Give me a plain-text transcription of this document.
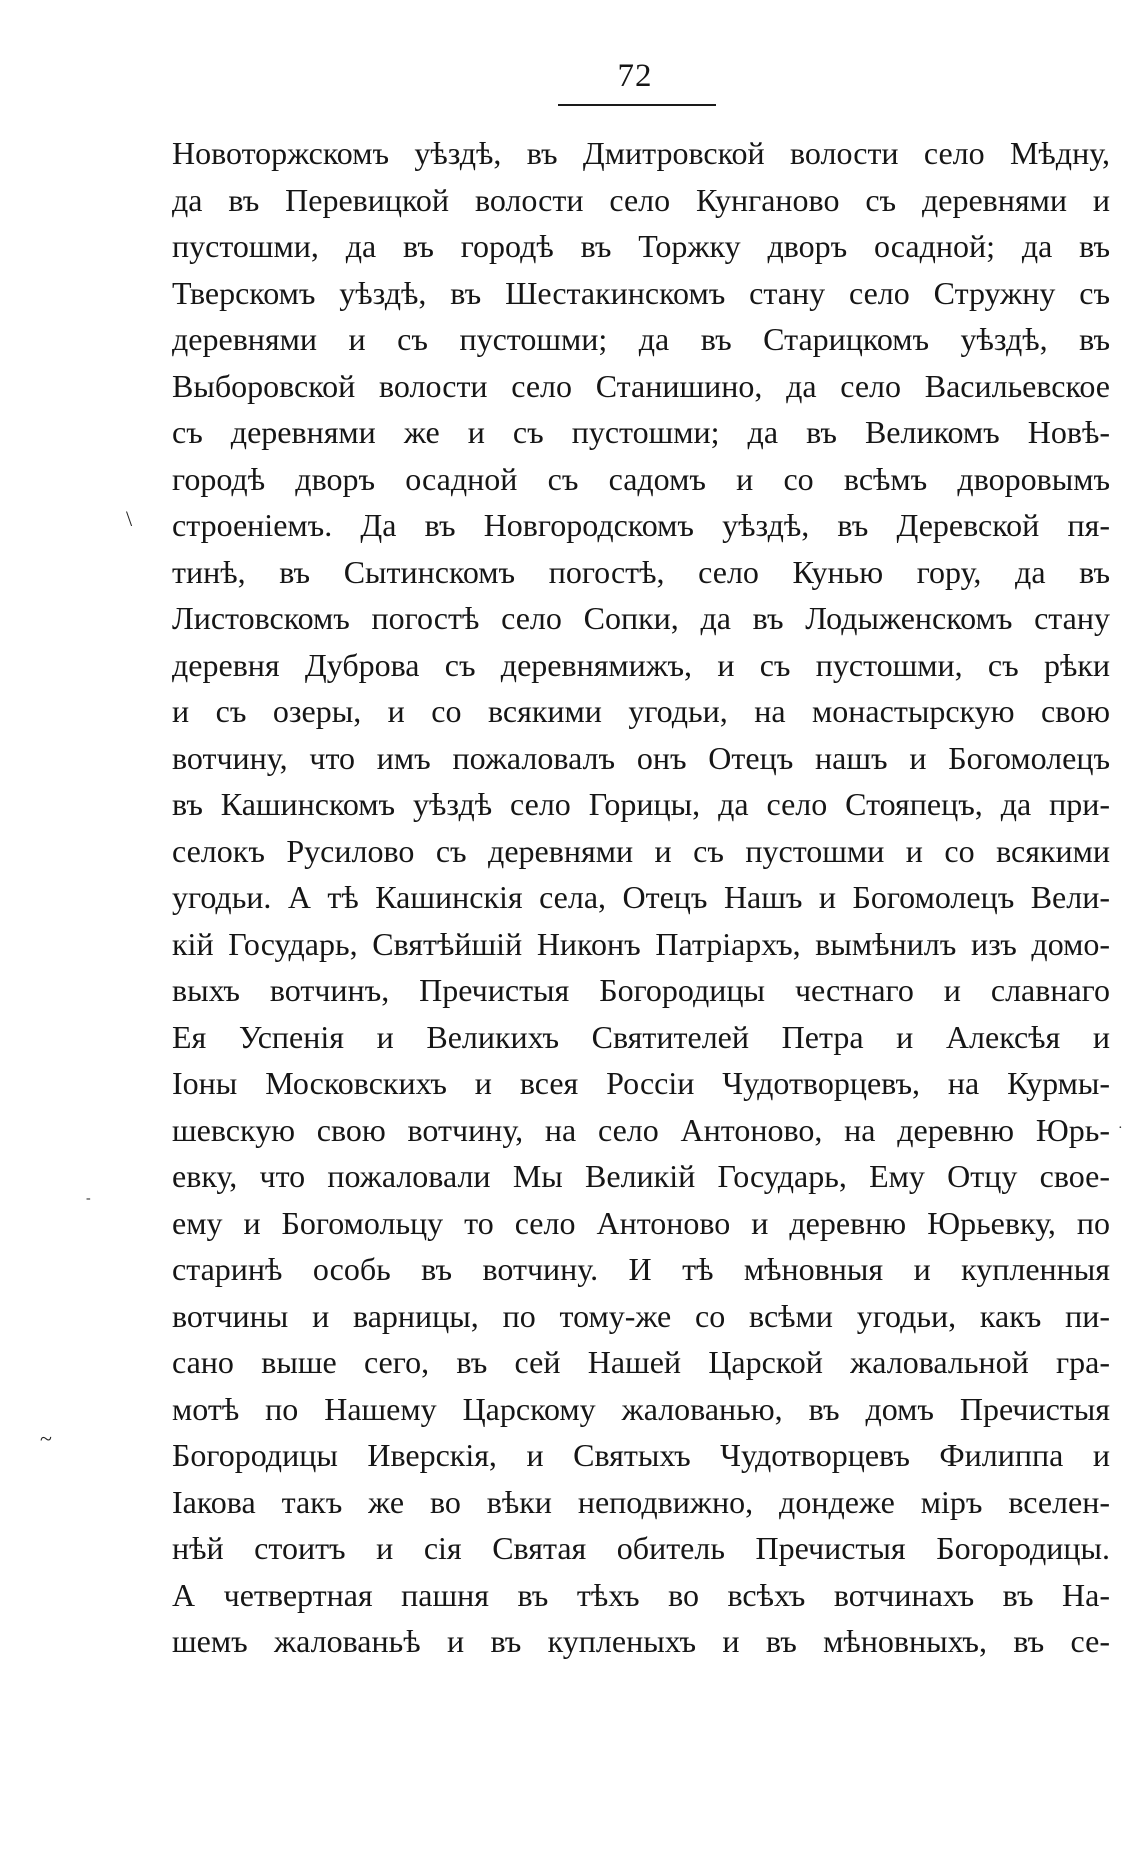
72
\
-
~
·
Новоторжскомъ уѣздѣ, въ Дмитровской волости село Мѣдну,
да въ Перевицкой волости село Кунганово съ деревнями и
пустошми, да въ городѣ въ Торжку дворъ осадной; да въ
Тверскомъ уѣздѣ, въ Шестакинскомъ стану село Стружну съ
деревнями и съ пустошми; да въ Старицкомъ уѣздѣ, въ
Выборовской волости село Станишино, да село Васильевское
съ деревнями же и съ пустошми; да въ Великомъ Новѣ-
городѣ дворъ осадной съ садомъ и со всѣмъ дворовымъ
строеніемъ. Да въ Новгородскомъ уѣздѣ, въ Деревской пя-
тинѣ, въ Сытинскомъ погостѣ, село Кунью гору, да въ
Листовскомъ погостѣ село Сопки, да въ Лодыженскомъ стану
деревня Дуброва съ деревнямижъ, и съ пустошми, съ рѣки
и съ озеры, и со всякими угодьи, на монастырскую свою
вотчину, что имъ пожаловалъ онъ Отецъ нашъ и Богомолецъ
въ Кашинскомъ уѣздѣ село Горицы, да село Стояпецъ, да при-
селокъ Русилово съ деревнями и съ пустошми и со всякими
угодьи. А тѣ Кашинскія села, Отецъ Нашъ и Богомолецъ Вели-
кій Государь, Святѣйшій Никонъ Патріархъ, вымѣнилъ изъ домо-
выхъ вотчинъ, Пречистыя Богородицы честнаго и славнаго
Ея Успенія и Великихъ Святителей Петра и Алексѣя и
Іоны Московскихъ и всея Россіи Чудотворцевъ, на Курмы-
шевскую свою вотчину, на село Антоново, на деревню Юрь-
евку, что пожаловали Мы Великій Государь, Ему Отцу свое-
ему и Богомольцу то село Антоново и деревню Юрьевку, по
старинѣ особь въ вотчину. И тѣ мѣновныя и купленныя
вотчины и варницы, по тому-же со всѣми угодьи, какъ пи-
сано выше сего, въ сей Нашей Царской жаловальной гра-
мотѣ по Нашему Царскому жалованью, въ домъ Пречистыя
Богородицы Иверскія, и Святыхъ Чудотворцевъ Филиппа и
Іакова такъ же во вѣки неподвижно, дондеже міръ вселен-
нѣй стоитъ и сія Святая обитель Пречистыя Богородицы.
А четвертная пашня въ тѣхъ во всѣхъ вотчинахъ въ На-
шемъ жалованьѣ и въ купленыхъ и въ мѣновныхъ, въ се-
